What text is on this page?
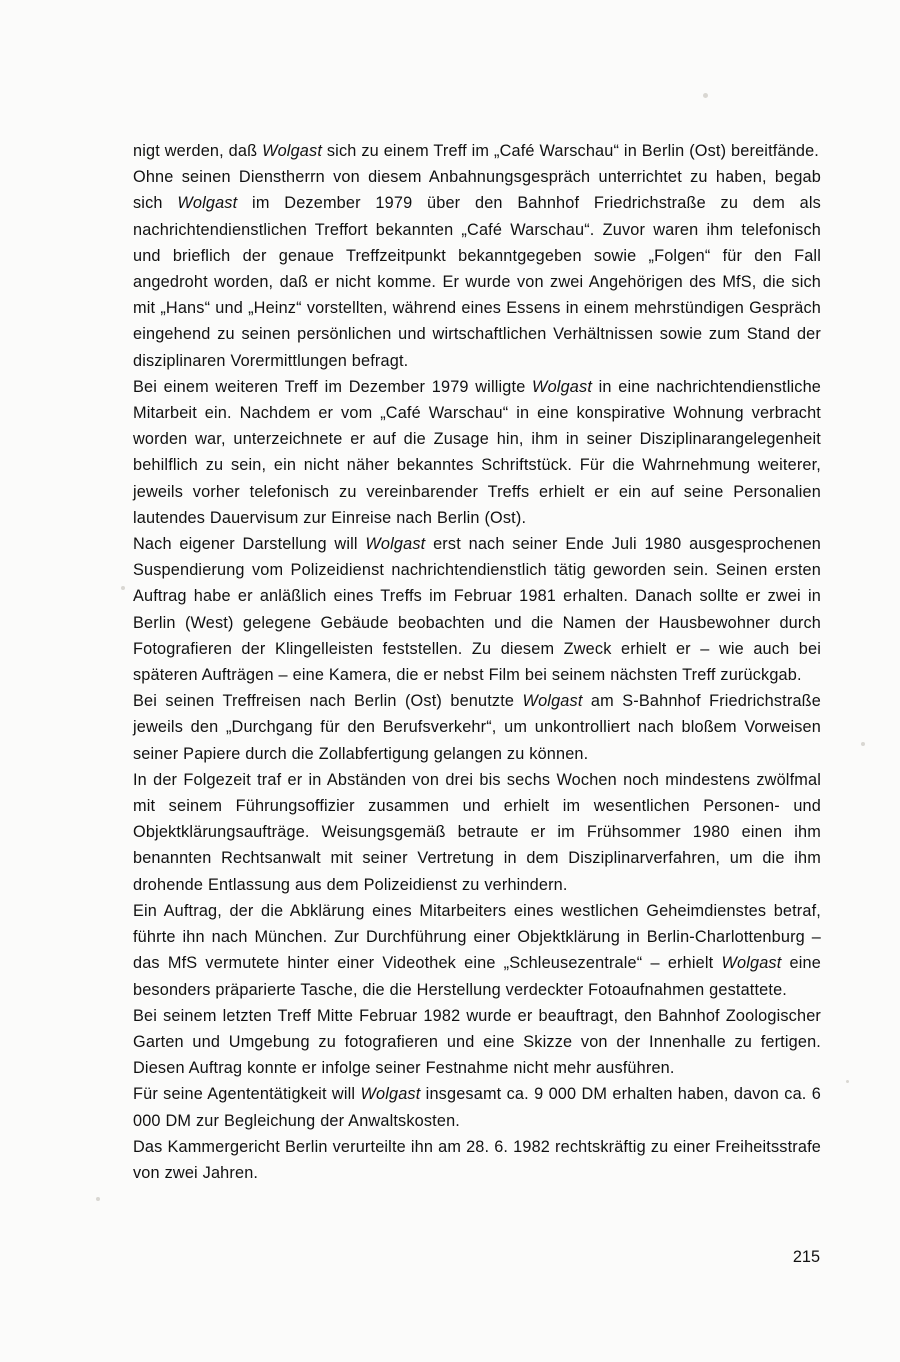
nigt werden, daß Wolgast sich zu einem Treff im „Café Warschau“ in Berlin (Ost) bereitfände.

Ohne seinen Dienstherrn von diesem Anbahnungsgespräch unterrichtet zu haben, begab sich Wolgast im Dezember 1979 über den Bahnhof Friedrichstraße zu dem als nachrichtendienstlichen Treffort bekannten „Café Warschau“. Zuvor waren ihm telefonisch und brieflich der genaue Treffzeitpunkt bekanntgegeben sowie „Folgen“ für den Fall angedroht worden, daß er nicht komme. Er wurde von zwei Angehörigen des MfS, die sich mit „Hans“ und „Heinz“ vorstellten, während eines Essens in einem mehrstündigen Gespräch eingehend zu seinen persönlichen und wirtschaftlichen Verhältnissen sowie zum Stand der disziplinaren Vorermittlungen befragt.

Bei einem weiteren Treff im Dezember 1979 willigte Wolgast in eine nachrichtendienstliche Mitarbeit ein. Nachdem er vom „Café Warschau“ in eine konspirative Wohnung verbracht worden war, unterzeichnete er auf die Zusage hin, ihm in seiner Disziplinarangelegenheit behilflich zu sein, ein nicht näher bekanntes Schriftstück. Für die Wahrnehmung weiterer, jeweils vorher telefonisch zu vereinbarender Treffs erhielt er ein auf seine Personalien lautendes Dauervisum zur Einreise nach Berlin (Ost).

Nach eigener Darstellung will Wolgast erst nach seiner Ende Juli 1980 ausgesprochenen Suspendierung vom Polizeidienst nachrichtendienstlich tätig geworden sein. Seinen ersten Auftrag habe er anläßlich eines Treffs im Februar 1981 erhalten. Danach sollte er zwei in Berlin (West) gelegene Gebäude beobachten und die Namen der Hausbewohner durch Fotografieren der Klingelleisten feststellen. Zu diesem Zweck erhielt er – wie auch bei späteren Aufträgen – eine Kamera, die er nebst Film bei seinem nächsten Treff zurückgab.

Bei seinen Treffreisen nach Berlin (Ost) benutzte Wolgast am S-Bahnhof Friedrichstraße jeweils den „Durchgang für den Berufsverkehr“, um unkontrolliert nach bloßem Vorweisen seiner Papiere durch die Zollabfertigung gelangen zu können.

In der Folgezeit traf er in Abständen von drei bis sechs Wochen noch mindestens zwölfmal mit seinem Führungsoffizier zusammen und erhielt im wesentlichen Personen- und Objektklärungsaufträge. Weisungsgemäß betraute er im Frühsommer 1980 einen ihm benannten Rechtsanwalt mit seiner Vertretung in dem Disziplinarverfahren, um die ihm drohende Entlassung aus dem Polizeidienst zu verhindern.

Ein Auftrag, der die Abklärung eines Mitarbeiters eines westlichen Geheimdienstes betraf, führte ihn nach München. Zur Durchführung einer Objektklärung in Berlin-Charlottenburg – das MfS vermutete hinter einer Videothek eine „Schleusezentrale“ – erhielt Wolgast eine besonders präparierte Tasche, die die Herstellung verdeckter Fotoaufnahmen gestattete.

Bei seinem letzten Treff Mitte Februar 1982 wurde er beauftragt, den Bahnhof Zoologischer Garten und Umgebung zu fotografieren und eine Skizze von der Innenhalle zu fertigen. Diesen Auftrag konnte er infolge seiner Festnahme nicht mehr ausführen.

Für seine Agententätigkeit will Wolgast insgesamt ca. 9 000 DM erhalten haben, davon ca. 6 000 DM zur Begleichung der Anwaltskosten.

Das Kammergericht Berlin verurteilte ihn am 28. 6. 1982 rechtskräftig zu einer Freiheitsstrafe von zwei Jahren.

215
